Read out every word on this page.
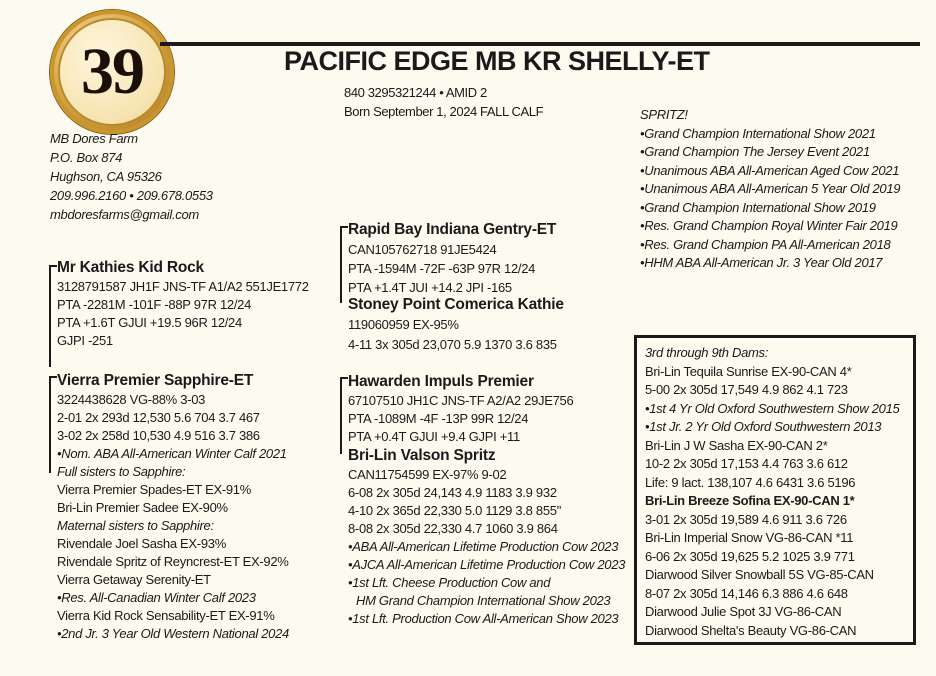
39	PACIFIC EDGE MB KR SHELLY-ET
840 3295321244 • AMID 2
Born September 1, 2024 FALL CALF
MB Dores Farm
P.O. Box 874
Hughson, CA 95326
209.996.2160 • 209.678.0553
mbdoresfarms@gmail.com
Mr Kathies Kid Rock
3128791587 JH1F JNS-TF A1/A2 551JE1772
PTA -2281M -101F -88P 97R 12/24
PTA +1.6T GJUI +19.5 96R 12/24
GJPI -251
Vierra Premier Sapphire-ET
3224438628 VG-88% 3-03
2-01 2x 293d 12,530 5.6 704 3.7 467
3-02 2x 258d 10,530 4.9 516 3.7 386
•Nom. ABA All-American Winter Calf 2021
Full sisters to Sapphire:
Vierra Premier Spades-ET EX-91%
Bri-Lin Premier Sadee EX-90%
Maternal sisters to Sapphire:
Rivendale Joel Sasha EX-93%
Rivendale Spritz of Reyncrest-ET EX-92%
Vierra Getaway Serenity-ET
•Res. All-Canadian Winter Calf 2023
Vierra Kid Rock Sensability-ET EX-91%
•2nd Jr. 3 Year Old Western National 2024
Rapid Bay Indiana Gentry-ET
CAN105762718 91JE5424
PTA -1594M -72F -63P 97R 12/24
PTA +1.4T JUI +14.2 JPI -165
Stoney Point Comerica Kathie
119060959 EX-95%
4-11 3x 305d 23,070 5.9 1370 3.6 835
Hawarden Impuls Premier
67107510 JH1C JNS-TF A2/A2 29JE756
PTA -1089M -4F -13P 99R 12/24
PTA +0.4T GJUI +9.4 GJPI +11
Bri-Lin Valson Spritz
CAN11754599 EX-97% 9-02
6-08 2x 305d 24,143 4.9 1183 3.9 932
4-10 2x 365d 22,330 5.0 1129 3.8 855"
8-08 2x 305d 22,330 4.7 1060 3.9 864
•ABA All-American Lifetime Production Cow 2023
•AJCA All-American Lifetime Production Cow 2023
•1st Lft. Cheese Production Cow and
HM Grand Champion International Show 2023
•1st Lft. Production Cow All-American Show 2023
SPRITZ!
•Grand Champion International Show 2021
•Grand Champion The Jersey Event 2021
•Unanimous ABA All-American Aged Cow 2021
•Unanimous ABA All-American 5 Year Old 2019
•Grand Champion International Show 2019
•Res. Grand Champion Royal Winter Fair 2019
•Res. Grand Champion PA All-American 2018
•HHM ABA All-American Jr. 3 Year Old 2017
3rd through 9th Dams:
Bri-Lin Tequila Sunrise EX-90-CAN 4*
5-00 2x 305d 17,549 4.9 862 4.1 723
•1st 4 Yr Old Oxford Southwestern Show 2015
•1st Jr. 2 Yr Old Oxford Southwestern 2013
Bri-Lin J W Sasha EX-90-CAN 2*
10-2 2x 305d 17,153 4.4 763 3.6 612
Life: 9 lact. 138,107 4.6 6431 3.6 5196
Bri-Lin Breeze Sofina EX-90-CAN 1*
3-01 2x 305d 19,589 4.6 911 3.6 726
Bri-Lin Imperial Snow VG-86-CAN *11
6-06 2x 305d 19,625 5.2 1025 3.9 771
Diarwood Silver Snowball 5S VG-85-CAN
8-07 2x 305d 14,146 6.3 886 4.6 648
Diarwood Julie Spot 3J VG-86-CAN
Diarwood Shelta's Beauty VG-86-CAN
